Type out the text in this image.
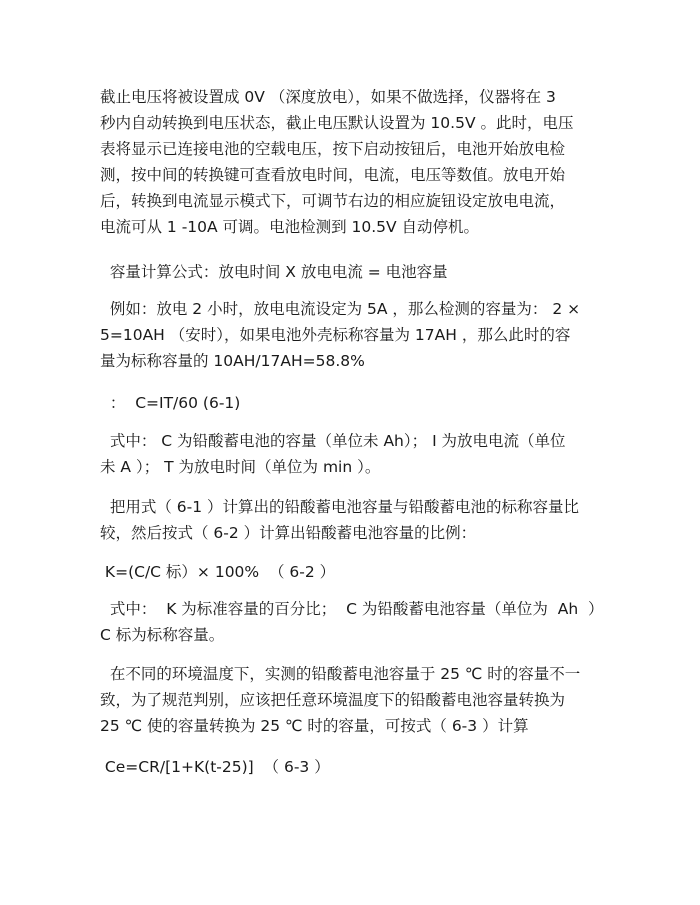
截止电压将被设置成 0V （深度放电），如果不做选择，仪器将在 3
秒内自动转换到电压状态，截止电压默认设置为 10.5V 。此时，电压
表将显示已连接电池的空载电压，按下启动按钮后，电池开始放电检
测，按中间的转换键可查看放电时间，电流，电压等数值。放电开始
后，转换到电流显示模式下，可调节右边的相应旋钮设定放电电流，
电流可从 1 -10A 可调。电池检测到 10.5V 自动停机。
容量计算公式：放电时间 X 放电电流 = 电池容量
例如：放电 2 小时，放电电流设定为 5A ，那么检测的容量为： 2 ×
5=10AH （安时），如果电池外壳标称容量为 17AH ，那么此时的容
量为标称容量的 10AH/17AH=58.8%
：  C=IT/60 (6-1)
式中： C 为铅酸蓄电池的容量（单位未 Ah）； I 为放电电流（单位
未 A ）； T 为放电时间（单位为 min ）。
把用式（ 6-1 ）计算出的铅酸蓄电池容量与铅酸蓄电池的标称容量比
较，然后按式（ 6-2 ）计算出铅酸蓄电池容量的比例：
K=(C/C 标）× 100%  （ 6-2 ）
式中：  K 为标准容量的百分比；  C 为铅酸蓄电池容量（单位为  Ah  ）
C 标为标称容量。
在不同的环境温度下，实测的铅酸蓄电池容量于 25 ℃ 时的容量不一
致，为了规范判别，应该把任意环境温度下的铅酸蓄电池容量转换为
25 ℃ 使的容量转换为 25 ℃ 时的容量，可按式（ 6-3 ）计算
Ce=CR/[1+K(t-25)]  （ 6-3 ）
